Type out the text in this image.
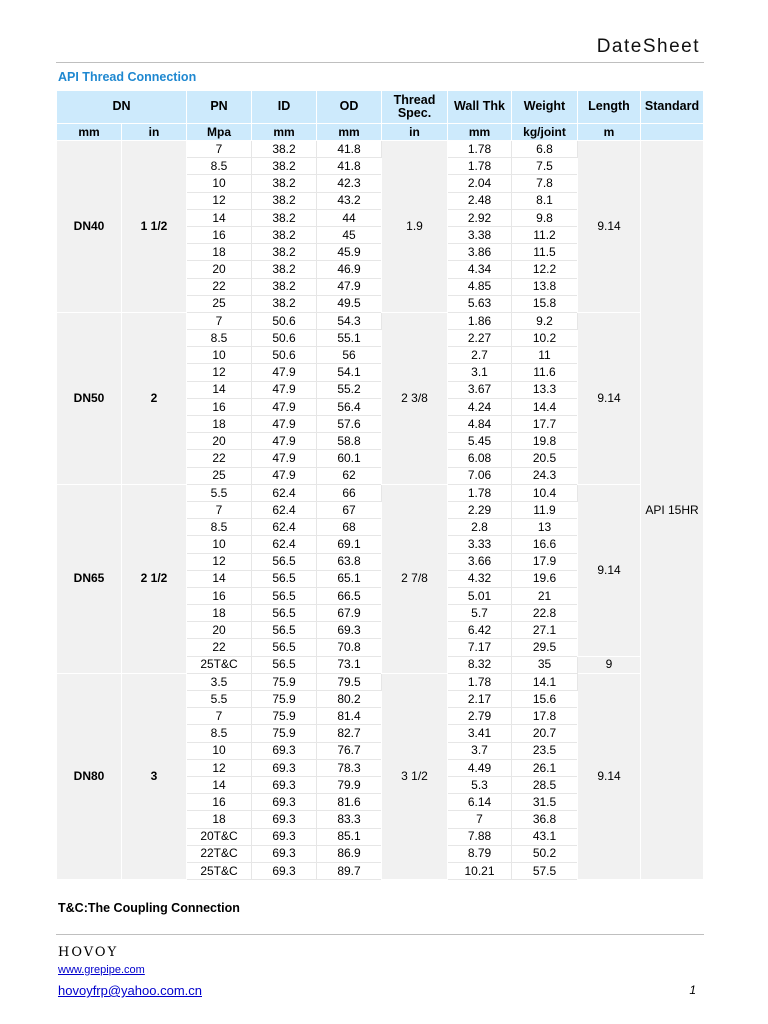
DateSheet
API Thread Connection
DN		PN	ID	OD	Thread Spec.	Wall Thk	Weight	Length	Standard
mm	in	Mpa	mm	mm	in	mm	kg/joint	m	
DN40	1 1/2	7	38.2	41.8	1.9	1.78	6.8	9.14	API 15HR
		8.5	38.2	41.8		1.78	7.5		
		10	38.2	42.3		2.04	7.8		
		12	38.2	43.2		2.48	8.1		
		14	38.2	44		2.92	9.8		
		16	38.2	45		3.38	11.2		
		18	38.2	45.9		3.86	11.5		
		20	38.2	46.9		4.34	12.2		
		22	38.2	47.9		4.85	13.8		
		25	38.2	49.5		5.63	15.8		
DN50	2	7	50.6	54.3	2 3/8	1.86	9.2	9.14	
		8.5	50.6	55.1		2.27	10.2		
		10	50.6	56		2.7	11		
		12	47.9	54.1		3.1	11.6		
		14	47.9	55.2		3.67	13.3		
		16	47.9	56.4		4.24	14.4		
		18	47.9	57.6		4.84	17.7		
		20	47.9	58.8		5.45	19.8		
		22	47.9	60.1		6.08	20.5		
		25	47.9	62		7.06	24.3		
DN65	2 1/2	5.5	62.4	66	2 7/8	1.78	10.4	9.14	
		7	62.4	67		2.29	11.9		
		8.5	62.4	68		2.8	13		
		10	62.4	69.1		3.33	16.6		
		12	56.5	63.8		3.66	17.9		
		14	56.5	65.1		4.32	19.6		
		16	56.5	66.5		5.01	21		
		18	56.5	67.9		5.7	22.8		
		20	56.5	69.3		6.42	27.1		
		22	56.5	70.8		7.17	29.5		
		25T&C	56.5	73.1		8.32	35	9	
DN80	3	3.5	75.9	79.5	3 1/2	1.78	14.1	9.14	
		5.5	75.9	80.2		2.17	15.6		
		7	75.9	81.4		2.79	17.8		
		8.5	75.9	82.7		3.41	20.7		
		10	69.3	76.7		3.7	23.5		
		12	69.3	78.3		4.49	26.1		
		14	69.3	79.9		5.3	28.5		
		16	69.3	81.6		6.14	31.5		
		18	69.3	83.3		7	36.8		
		20T&C	69.3	85.1		7.88	43.1		
		22T&C	69.3	86.9		8.79	50.2		
		25T&C	69.3	89.7		10.21	57.5		
T&C:The Coupling Connection
HOVOY
www.grepipe.com
hovoyfrp@yahoo.com.cn	1
